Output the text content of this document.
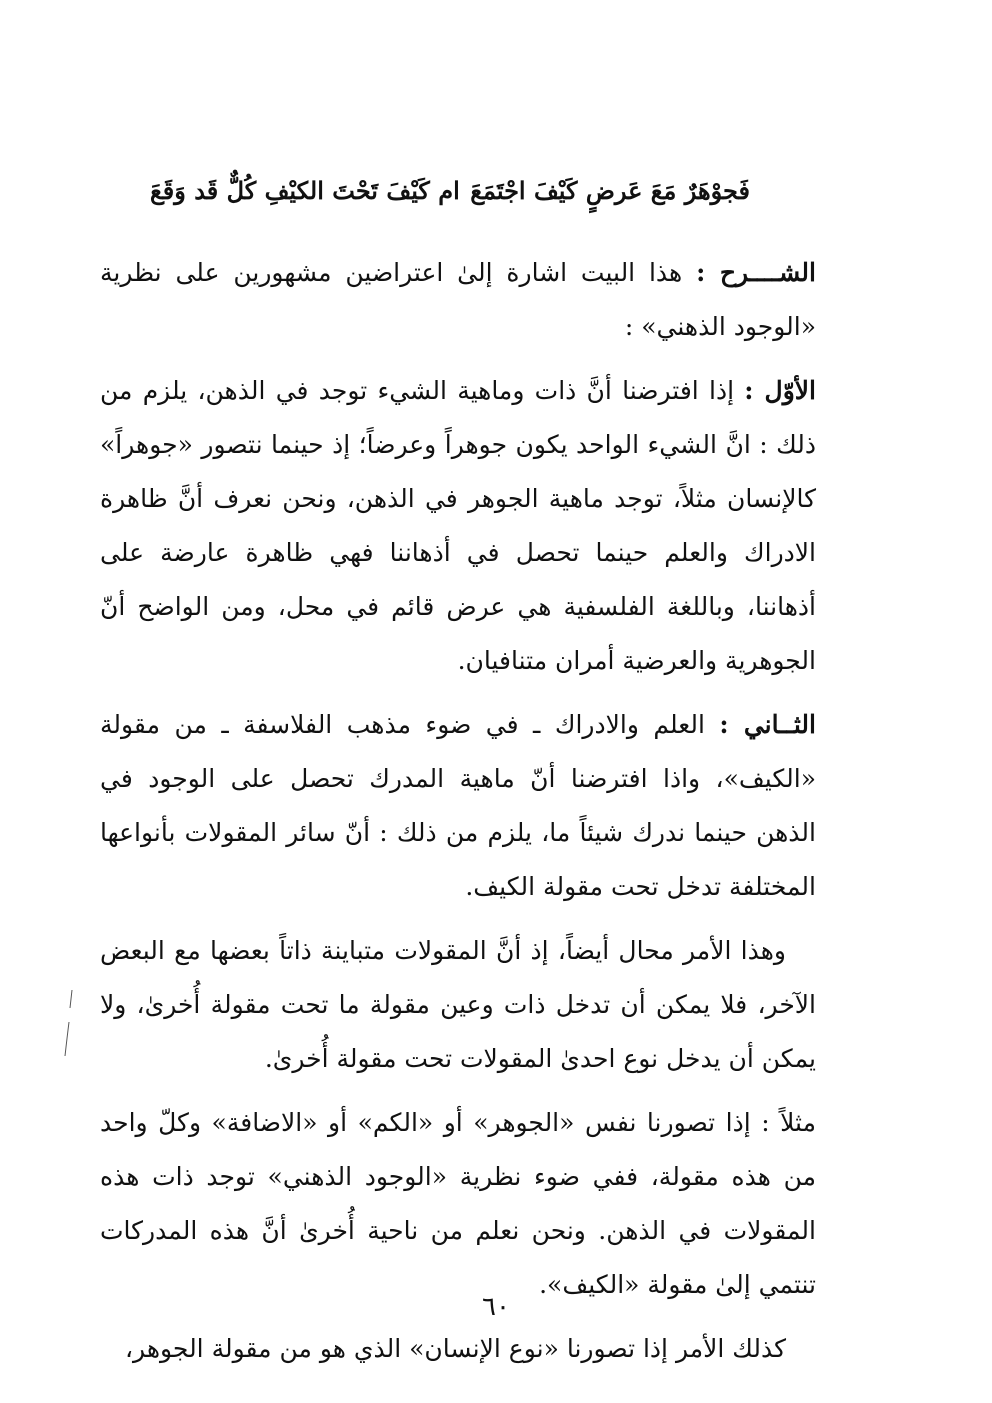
فَجوْهَرٌ مَعَ عَرضٍ كَيْفَ اجْتَمَعَ
ام كَيْفَ تَحْتَ الكيْفِ كُلٌّ قَد وَقَعَ

الشــــرح : هذا البيت اشارة إلىٰ اعتراضين مشهورين على نظرية «الوجود الذهني» :

الأوّل : إذا افترضنا أنَّ ذات وماهية الشيء توجد في الذهن، يلزم من ذلك : انَّ الشيء الواحد يكون جوهراً وعرضاً؛ إذ حينما نتصور «جوهراً» كالإنسان مثلاً، توجد ماهية الجوهر في الذهن، ونحن نعرف أنَّ ظاهرة الادراك والعلم حينما تحصل في أذهاننا فهي ظاهرة عارضة على أذهاننا، وباللغة الفلسفية هي عرض قائم في محل، ومن الواضح أنّ الجوهرية والعرضية أمران متنافيان.

الثــاني : العلم والادراك ـ في ضوء مذهب الفلاسفة ـ من مقولة «الكيف»، واذا افترضنا أنّ ماهية المدرك تحصل على الوجود في الذهن حينما ندرك شيئاً ما، يلزم من ذلك : أنّ سائر المقولات بأنواعها المختلفة تدخل تحت مقولة الكيف.

وهذا الأمر محال أيضاً، إذ أنَّ المقولات متباينة ذاتاً بعضها مع البعض الآخر، فلا يمكن أن تدخل ذات وعين مقولة ما تحت مقولة أُخرىٰ، ولا يمكن أن يدخل نوع احدىٰ المقولات تحت مقولة أُخرىٰ.

مثلاً : إذا تصورنا نفس «الجوهر» أو «الكم» أو «الاضافة» وكلّ واحد من هذه مقولة، ففي ضوء نظرية «الوجود الذهني» توجد ذات هذه المقولات في الذهن. ونحن نعلم من ناحية أُخرىٰ أنَّ هذه المدركات تنتمي إلىٰ مقولة «الكيف».

كذلك الأمر إذا تصورنا «نوع الإنسان» الذي هو من مقولة الجوهر،

٦٠
